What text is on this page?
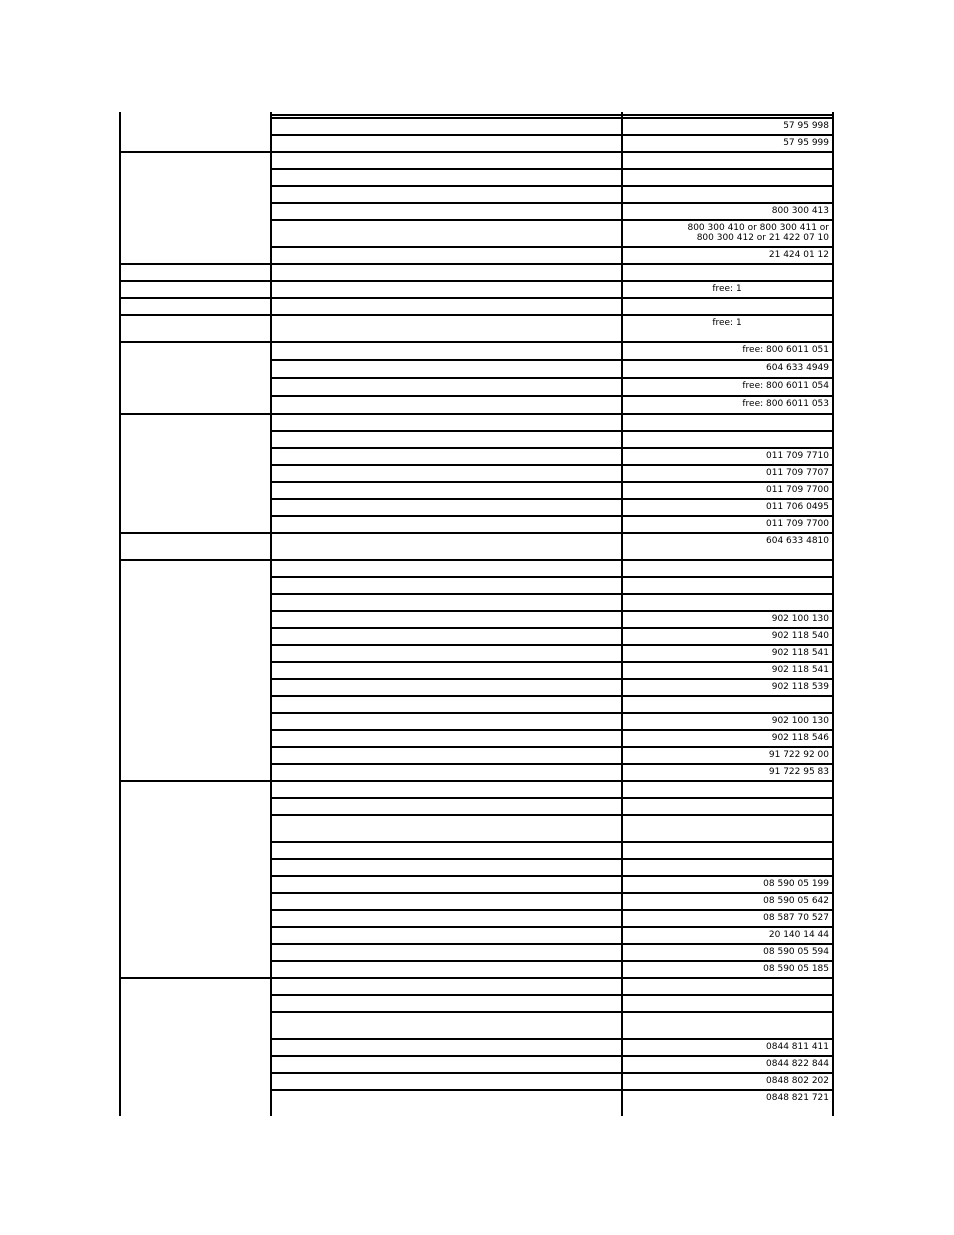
57 95 998
57 95 999
800 300 413
800 300 410 or 800 300 411 or
800 300 412 or 21 422 07 10
21 424 01 12
free: 1
free: 1
free: 800 6011 051
604 633 4949
free: 800 6011 054
free: 800 6011 053
011 709 7710
011 709 7707
011 709 7700
011 706 0495
011 709 7700
604 633 4810
902 100 130
902 118 540
902 118 541
902 118 541
902 118 539
902 100 130
902 118 546
91 722 92 00
91 722 95 83
08 590 05 199
08 590 05 642
08 587 70 527
20 140 14 44
08 590 05 594
08 590 05 185
0844 811 411
0844 822 844
0848 802 202
0848 821 721
